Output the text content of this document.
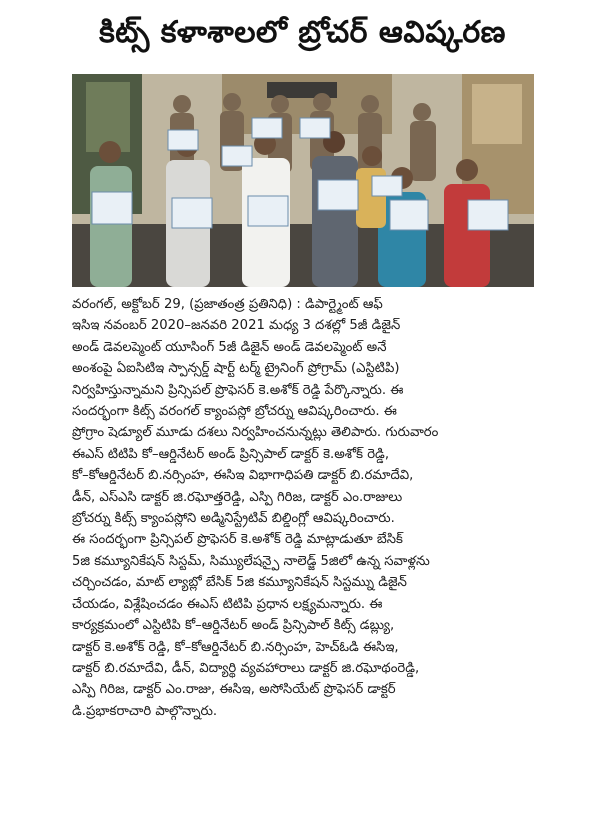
కిట్స్ కళాశాలలో బ్రోచర్ ఆవిష్కరణ

వరంగల్, అక్టోబర్ 29, (ప్రజాతంత్ర ప్రతినిధి) : డిపార్ట్మెంట్ ఆఫ్
ఇసిఇ నవంబర్ 2020–జనవరి 2021 మధ్య 3 దశల్లో 5జీ డిజైన్
అండ్ డెవలప్మెంట్ యూసింగ్ 5జీ డిజైన్ అండ్ డెవలప్మెంట్ అనే
అంశంపై ఏఐసిటిఇ స్పాన్సర్డ్ షార్ట్ టర్మ్ ట్రైనింగ్ ప్రోగ్రామ్ (ఎస్టిటిపి)
నిర్వహిస్తున్నామని ప్రిన్సిపల్ ప్రొఫెసర్ కె.అశోక్ రెడ్డి పేర్కొన్నారు. ఈ
సందర్భంగా కిట్స్ వరంగల్ క్యాంపస్లో బ్రోచర్ను ఆవిష్కరించారు. ఈ
ప్రోగ్రాం షెడ్యూల్ మూడు దశలు నిర్వహించనున్నట్లు తెలిపారు. గురువారం
ఈఎస్ టిటిపి కో–ఆర్డినేటర్ అండ్ ప్రిన్సిపాల్ డాక్టర్ కె.అశోక్ రెడ్డి,
కో–కోఆర్డినేటర్ బి.నర్సింహ, ఈసిఇ విభాగాధిపతి డాక్టర్ బి.రమాదేవి,
డీన్, ఎస్ఎసి డాక్టర్ జి.రఘోత్తరెడ్డి, ఎస్పి గిరిజ, డాక్టర్ ఎం.రాజులు
బ్రోచర్ను కిట్స్ క్యాంపస్లోని అడ్మినిస్ట్రేటివ్ బిల్డింగ్లో ఆవిష్కరించారు.
ఈ సందర్భంగా ప్రిన్సిపల్ ప్రొఫెసర్ కె.అశోక్ రెడ్డి మాట్లాడుతూ బేసిక్
5జి కమ్యూనికేషన్ సిస్టమ్, సిమ్యులేషన్పై నాలెడ్జ్ 5జిలో ఉన్న సవాళ్లను
చర్చించడం, మాట్ ల్యాబ్లో బేసిక్ 5జి కమ్యూనికేషన్ సిస్టమ్ను డిజైన్
చేయడం, విశ్లేషించడం ఈఎస్ టిటిపి ప్రధాన లక్ష్యమన్నారు. ఈ
కార్యక్రమంలో ఎస్టిటిపి కో–ఆర్డినేటర్ అండ్ ప్రిన్సిపాల్ కిట్స్ డబ్ల్యు,
డాక్టర్ కె.అశోక్ రెడ్డి, కో–కోఆర్డినేటర్ బి.నర్సింహ, హెచ్ఓడి ఈసిఇ,
డాక్టర్ బి.రమాదేవి, డీన్, విద్యార్థి వ్యవహారాలు డాక్టర్ జి.రఘోథంరెడ్డి,
ఎస్పి గిరిజ, డాక్టర్ ఎం.రాజు, ఈసిఇ, అసోసియేట్ ప్రొఫెసర్ డాక్టర్
డి.ప్రభాకరాచారి పాల్గొన్నారు.
